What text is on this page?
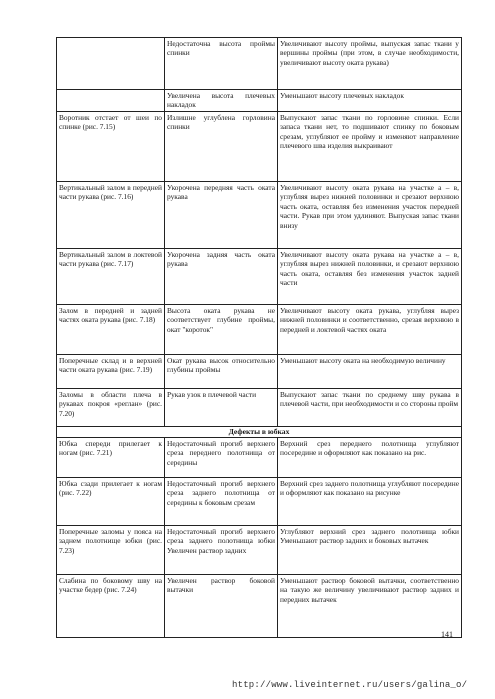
	Недостаточна высота проймы спинки	Увеличивают высоту проймы, выпуская запас ткани у вершины проймы (при этом, в случае необходимости, увеличивают высоту оката рукава)
	Увеличена высота плечевых накладок	Уменьшают высоту плечевых накладок
Воротник отстает от шеи по спинке (рис. 7.15)	Излишне углублена горловина спинки	Выпускают запас ткани по горловине спинки. Если запаса ткани нет, то подшивают спинку по боковым срезам, углубляют ее пройму и изменяют направление плечевого шва изделия выкраивают
Вертикальный залом в передней части рукава (рис. 7.16)	Укорочена передняя часть оката рукава	Увеличивают высоту оката рукава на участке а – в, углубляя вырез нижней половинки и срезают верхнюю часть оката, оставляя без изменения участок передней части. Рукав при этом удлиняют. Выпуская запас ткани внизу
Вертикальный залом в локтевой части рукава (рис. 7.17)	Укорочена задняя часть оката рукава	Увеличивают высоту оката рукава на участке а – в, углубляя вырез нижней половинки, и срезают верхнюю часть оката, оставляя без изменения участок задней части
Залом в передней и задней частях оката рукава (рис. 7.18)	Высота оката рукава не соответствует глубине проймы, окат "короток"	Увеличивают высоту оката рукава, углубляя вырез нижней половинки и соответственно, срезая верхнюю в передней и локтевой частях оката
Поперечные склад и в верхней части оката рукава (рис. 7.19)	Окат рукава высок относительно глубины проймы	Уменьшают высоту оката на необходимую величину
Заломы в области плеча в рукавах покроя «реглан» (рис. 7.20)	Рукав узок в плечевой части	Выпускают запас ткани по среднему шву рукава в плечевой части, при необходимости и со стороны пройм
Дефекты в юбках		
Юбка спереди прилегает к ногам (рис. 7.21)	Недостаточный прогиб верхнего среза переднего полотнища от середины	Верхний срез переднего полотнища углубляют посередине и оформляют как показано на рис.
Юбка сзади прилегает к ногам (рис. 7.22)	Недостаточный прогиб верхнего среза заднего полотнища от середины к боковым срезам	Верхний срез заднего полотнища углубляют посередине и оформляют как показано на рисунке
Поперечные заломы у пояса на заднем полотнище юбки (рис. 7.23)	Недостаточный прогиб верхнего среза заднего полотнища юбки Увеличен раствор задних	Углубляют верхний срез заднего полотнища юбки Уменьшают раствор задних и боковых вытачек
Слабина по боковому шву на участке бедер (рис. 7.24)	Увеличен раствор боковой вытачки	Уменьшают раствор боковой вытачки, соответственно на такую же величину увеличивают раствор задних и передних вытачек
141
http://www.liveinternet.ru/users/galina_o/
